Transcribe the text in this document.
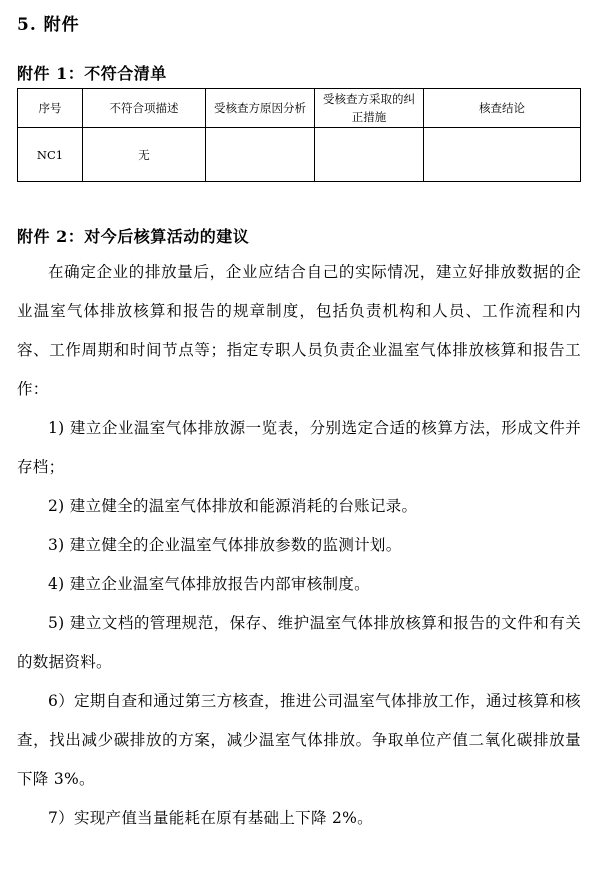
5. 附件
附件 1：不符合清单
序号	不符合项描述	受核查方原因分析	受核查方采取的纠正措施	核查结论
NC1	无			
附件 2：对今后核算活动的建议

在确定企业的排放量后，企业应结合自己的实际情况，建立好排放数据的企业温室气体排放核算和报告的规章制度，包括负责机构和人员、工作流程和内容、工作周期和时间节点等；指定专职人员负责企业温室气体排放核算和报告工作：

1) 建立企业温室气体排放源一览表，分别选定合适的核算方法，形成文件并存档；

2) 建立健全的温室气体排放和能源消耗的台账记录。

3) 建立健全的企业温室气体排放参数的监测计划。

4) 建立企业温室气体排放报告内部审核制度。

5) 建立文档的管理规范，保存、维护温室气体排放核算和报告的文件和有关的数据资料。

6）定期自查和通过第三方核查，推进公司温室气体排放工作，通过核算和核查，找出减少碳排放的方案，减少温室气体排放。争取单位产值二氧化碳排放量下降 3%。

7）实现产值当量能耗在原有基础上下降 2%。
